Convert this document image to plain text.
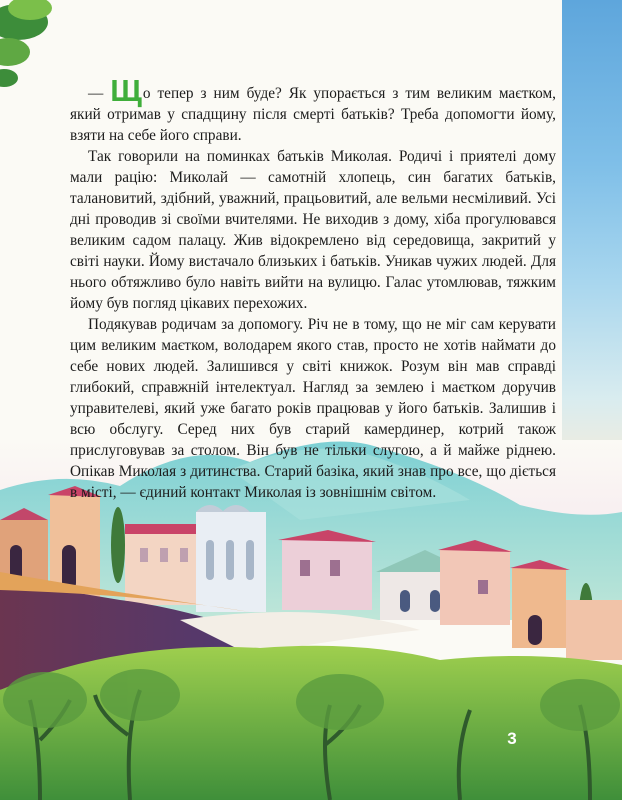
— Що тепер з ним буде? Як упорається з тим великим маєтком, який отримав у спадщину після смерті батьків? Треба допомогти йому, взяти на себе його справи.

Так говорили на поминках батьків Миколая. Родичі і приятелі дому мали рацію: Миколай — самотній хлопець, син багатих батьків, талановитий, здібний, уважний, працьовитий, але вельми несміливий. Усі дні проводив зі своїми вчителями. Не виходив з дому, хіба прогулювався великим садом палацу. Жив відокремлено від середовища, закритий у світі науки. Йому вистачало близьких і батьків. Уникав чужих людей. Для нього обтяжливо було навіть вийти на вулицю. Галас утомлював, тяжким йому був погляд цікавих перехожих.

Подякував родичам за допомогу. Річ не в тому, що не міг сам керувати цим великим маєтком, володарем якого став, просто не хотів наймати до себе нових людей. Залишився у світі книжок. Розум він мав справді глибокий, справжній інтелектуал. Нагляд за землею і маєтком доручив управителеві, який уже багато років працював у його батьків. Залишив і всю обслугу. Серед них був старий камердинер, котрий також прислуговував за столом. Він був не тільки слугою, а й майже ріднею. Опікав Миколая з дитинства. Старий базіка, який знав про все, що діється в місті, — єдиний контакт Миколая із зовнішнім світом.

3
